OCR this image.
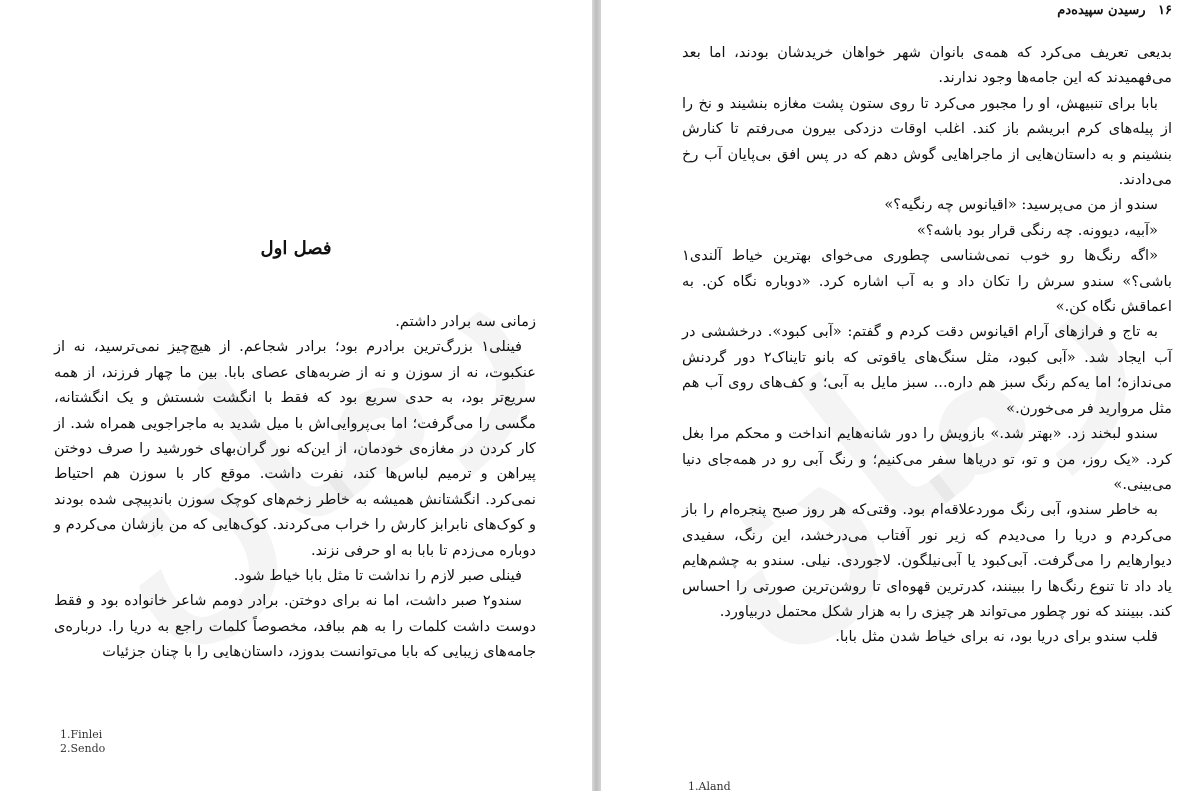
فصل اول

زمانی سه برادر داشتم.

فینلی۱ بزرگ‌ترین برادرم بود؛ برادر شجاعم. از هیچ‌چیز نمی‌ترسید، نه از عنکبوت، نه از سوزن و نه از ضربه‌های عصای بابا. بین ما چهار فرزند، از همه سریع‌تر بود، به حدی سریع بود که فقط با انگشت شستش و یک انگشتانه، مگسی را می‌گرفت؛ اما بی‌پروایی‌اش با میل شدید به ماجراجویی همراه شد. از کار کردن در مغازه‌ی خودمان، از این‌که نور گران‌بهای خورشید را صرف دوختن پیراهن و ترمیم لباس‌ها کند، نفرت داشت. موقع کار با سوزن هم احتیاط نمی‌کرد. انگشتانش همیشه به خاطر زخم‌های کوچک سوزن باندپیچی شده بودند و کوک‌های نابرابز کارش را خراب می‌کردند. کوک‌هایی که من بازشان می‌کردم و دوباره می‌زدم تا بابا به او حرفی نزند.

فینلی صبر لازم را نداشت تا مثل بابا خیاط شود.

سندو۲ صبر داشت، اما نه برای دوختن. برادر دومم شاعر خانواده بود و فقط دوست داشت کلمات را به هم ببافد، مخصوصاً کلمات راجع به دریا را. درباره‌ی جامه‌های زیبایی که بابا می‌توانست بدوزد، داستان‌هایی را با چنان جزئیات

1.Finlei
2.Sendo
۱۶ رسیدن سپیده‌دم

بدیعی تعریف می‌کرد که همه‌ی بانوان شهر خواهان خریدشان بودند، اما بعد می‌فهمیدند که این جامه‌ها وجود ندارند.

بابا برای تنبیهش، او را مجبور می‌کرد تا روی ستون پشت مغازه بنشیند و نخ را از پیله‌های کرم ابریشم باز کند. اغلب اوقات دزدکی بیرون می‌رفتم تا کنارش بنشینم و به داستان‌هایی از ماجراهایی گوش دهم که در پس افق بی‌پایان آب رخ می‌دادند.

سندو از من می‌پرسید: «اقیانوس چه رنگیه؟»

«آبیه، دیوونه. چه رنگی قرار بود باشه؟»

«اگه رنگ‌ها رو خوب نمی‌شناسی چطوری می‌خوای بهترین خیاط آلندی۱ باشی؟» سندو سرش را تکان داد و به آب اشاره کرد. «دوباره نگاه کن. به اعماقش نگاه کن.»

به تاج و فرازهای آرام اقیانوس دقت کردم و گفتم: «آبی کبود». درخششی در آب ایجاد شد. «آبی کبود، مثل سنگ‌های یاقوتی که بانو تایناک۲ دور گردنش می‌ندازه؛ اما یه‌کم رنگ سبز هم داره... سبز مایل به آبی؛ و کف‌های روی آب هم مثل مروارید فر می‌خورن.»

سندو لبخند زد. «بهتر شد.» بازویش را دور شانه‌هایم انداخت و محکم مرا بغل کرد. «یک روز، من و تو، تو دریاها سفر می‌کنیم؛ و رنگ آبی رو در همه‌جای دنیا می‌بینی.»

به خاطر سندو، آبی رنگ موردعلاقه‌ام بود. وقتی‌که هر روز صبح پنجره‌ام را باز می‌کردم و دریا را می‌دیدم که زیر نور آفتاب می‌درخشد، این رنگ، سفیدی دیوارهایم را می‌گرفت. آبی‌کبود یا آبی‌نیلگون. لاجوردی. نیلی. سندو به چشم‌هایم یاد داد تا تنوع رنگ‌ها را ببینند، کدرترین قهوه‌ای تا روشن‌ترین صورتی را احساس کند. ببینند که نور چطور می‌تواند هر چیزی را به هزار شکل محتمل دربیاورد.

قلب سندو برای دریا بود، نه برای خیاط شدن مثل بابا.

1.Aland
